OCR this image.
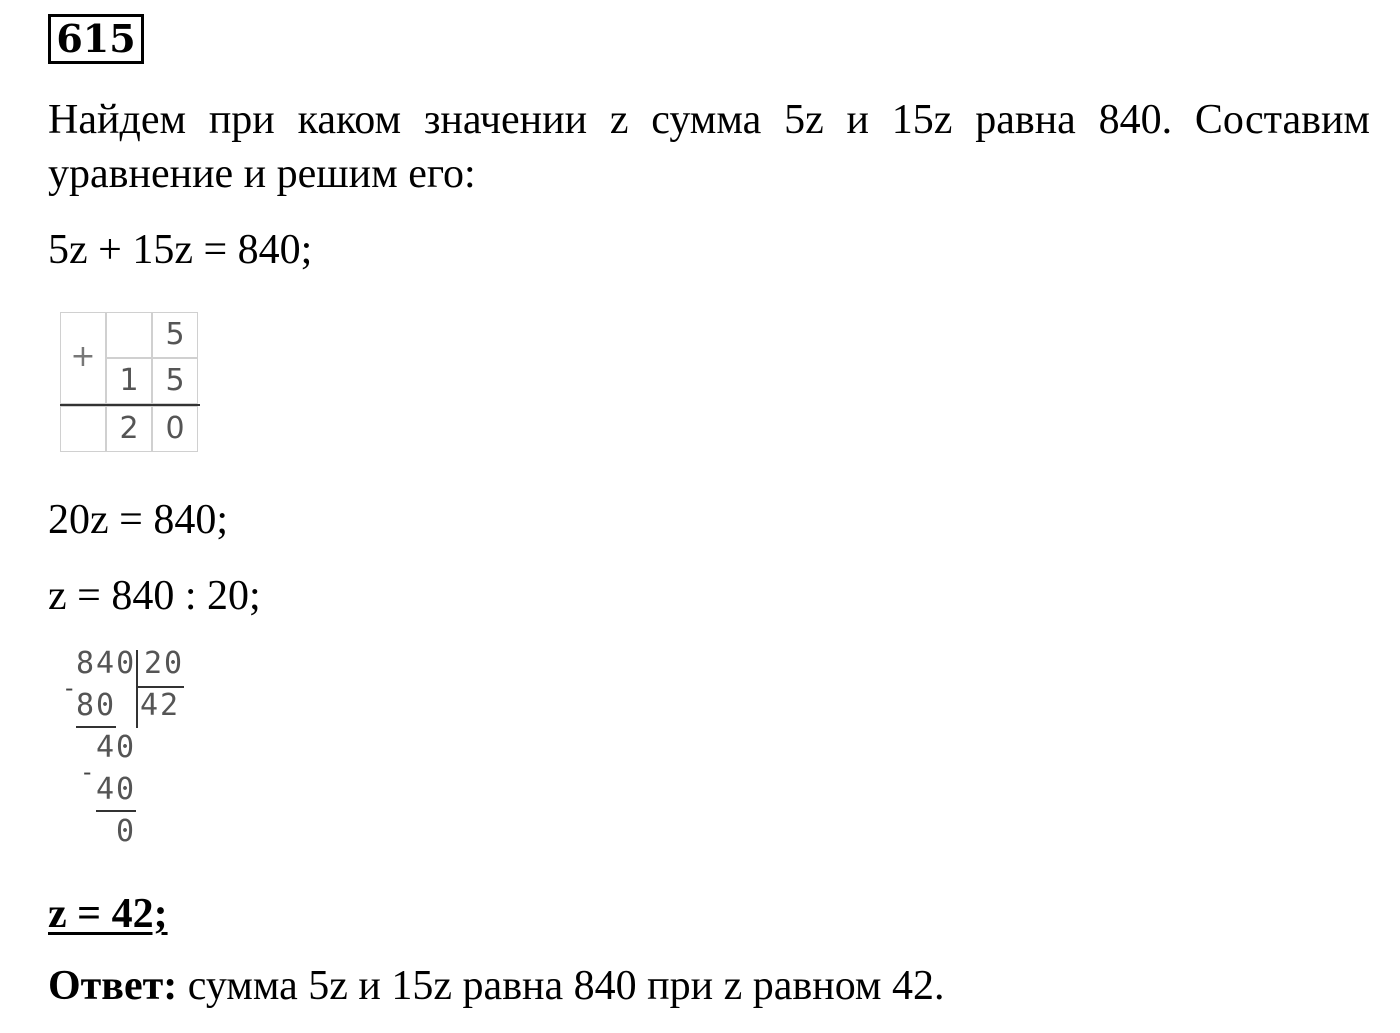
615
Найдем при каком значении z сумма 5z и 15z равна 840. Составим
уравнение и решим его:
5z + 15z = 840;
+
5
1 5
2 0
20z = 840;
z = 840 : 20;
840 20
42
- 80
40
- 40
0
z = 42;
Ответ: сумма 5z и 15z равна 840 при z равном 42.
